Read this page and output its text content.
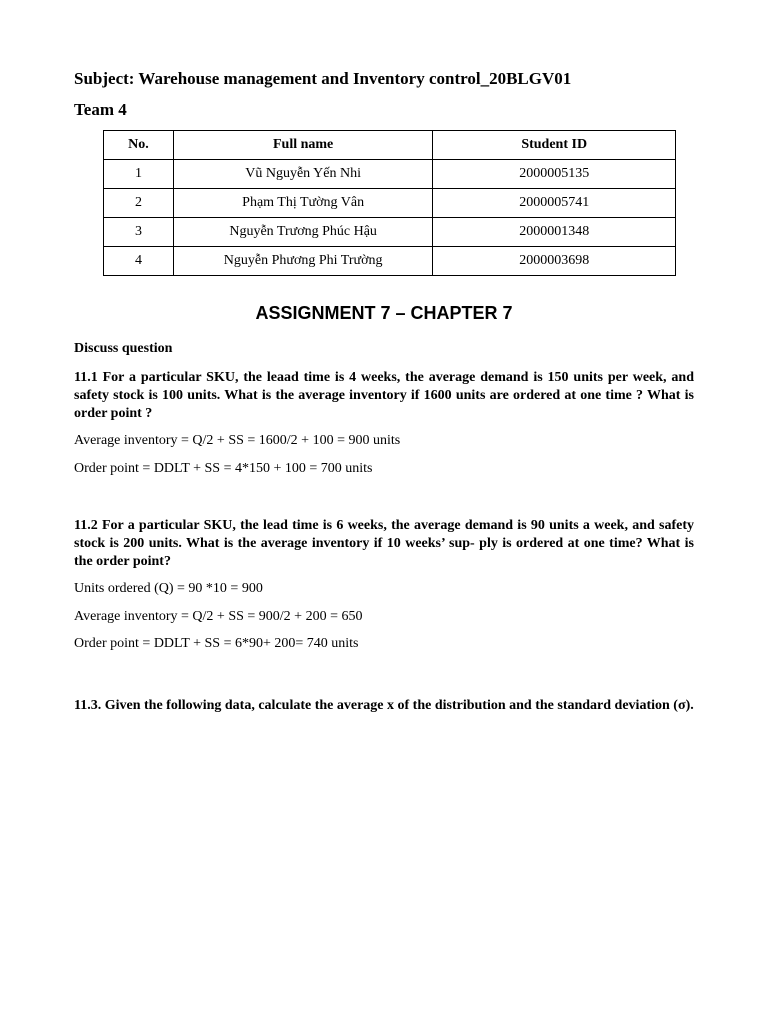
Subject: Warehouse management and Inventory control_20BLGV01
Team 4
No.	Full name	Student ID
1	Vũ Nguyễn Yến Nhi	2000005135
2	Phạm Thị Tường Vân	2000005741
3	Nguyễn Trương Phúc Hậu	2000001348
4	Nguyễn Phương Phi Trường	2000003698
ASSIGNMENT 7 – CHAPTER 7
Discuss question
11.1 For a particular SKU, the leaad time is 4 weeks, the average demand is 150 units per week, and safety stock is 100 units. What is the average inventory if 1600 units are ordered at one time ? What is order point ?
Average inventory = Q/2 + SS = 1600/2 + 100 = 900 units
Order point = DDLT + SS = 4*150 + 100 = 700 units
11.2 For a particular SKU, the lead time is 6 weeks, the average demand is 90 units a week, and safety stock is 200 units. What is the average inventory if 10 weeks’ sup- ply is ordered at one time? What is the order point?
Units ordered (Q) = 90 *10 = 900
Average inventory = Q/2 + SS = 900/2 + 200 = 650
Order point = DDLT + SS = 6*90+ 200= 740 units
11.3. Given the following data, calculate the average x of the distribution and the standard deviation (σ).
